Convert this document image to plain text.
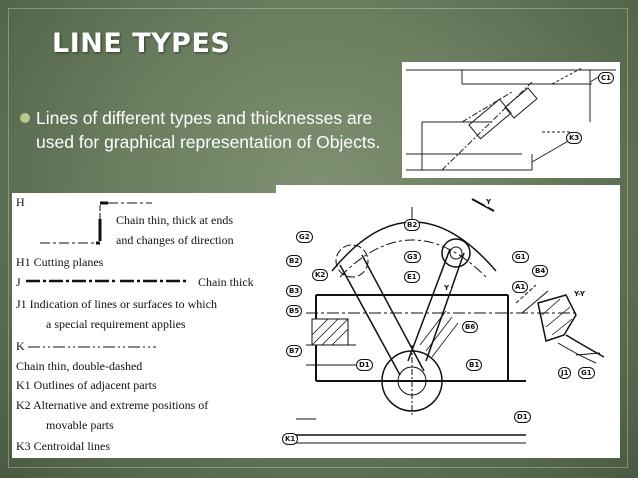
LINE TYPES
Lines of different types and thicknesses are used for graphical representation of Objects.
C1
K3
H
Chain thin, thick at ends
and changes of direction
H1 Cutting planes
J	Chain thick
J1 Indication of lines or surfaces to which
a special requirement applies
K
Chain thin, double-dashed
K1 Outlines of adjacent parts
K2 Alternative and extreme positions of
movable parts
K3 Centroidal lines
B2
G2
G3	G1
B4
E1
K2
B2
B3	A1
Y
Y
Y-Y
B5
B6
B7
D1	B1
D1
K1
J1	G1
